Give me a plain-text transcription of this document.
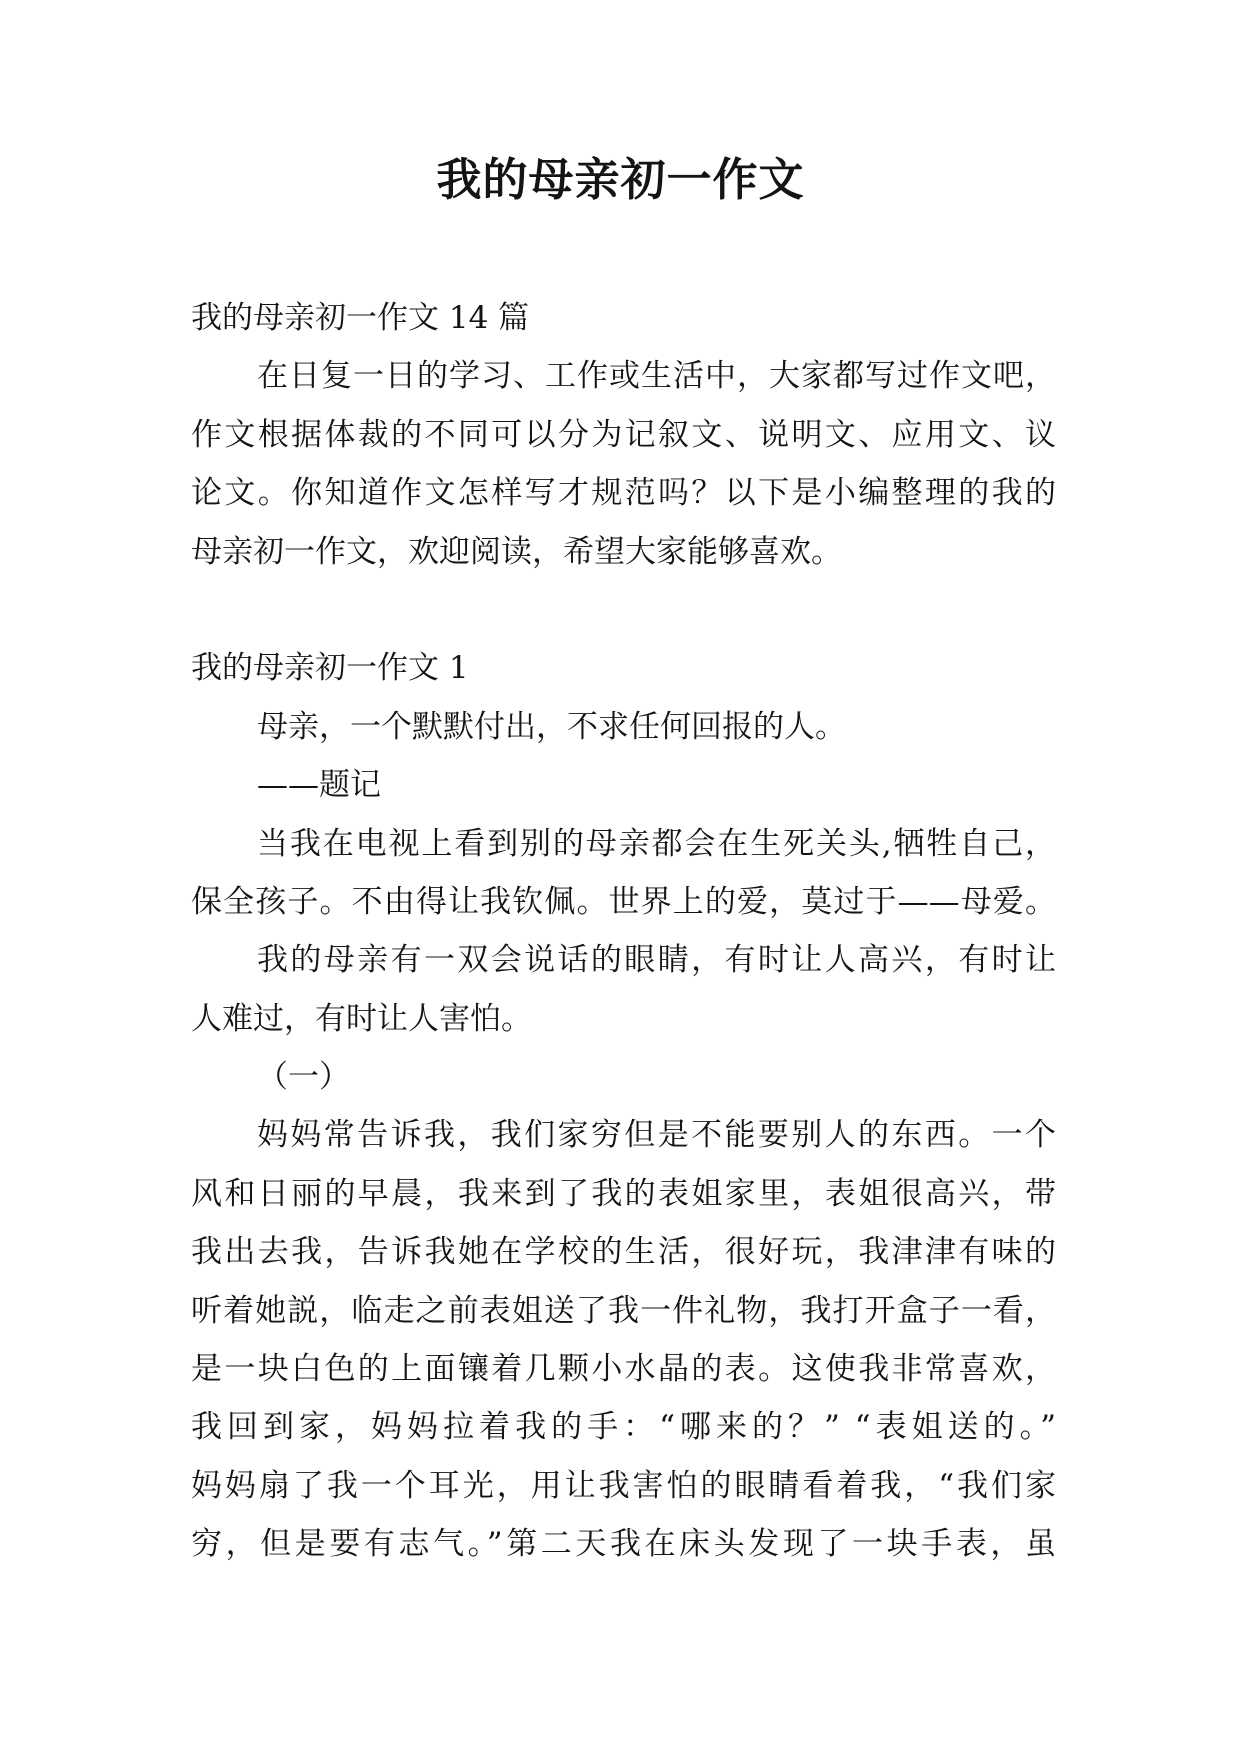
我的母亲初一作文
我的母亲初一作文 14 篇
在日复一日的学习、工作或生活中，大家都写过作文吧，
作文根据体裁的不同可以分为记叙文、说明文、应用文、议
论文。你知道作文怎样写才规范吗？以下是小编整理的我的
母亲初一作文，欢迎阅读，希望大家能够喜欢。
我的母亲初一作文 1
母亲，一个默默付出，不求任何回报的人。
——题记
当我在电视上看到别的母亲都会在生死关头,牺牲自己，
保全孩子。不由得让我钦佩。世界上的爱，莫过于——母爱。
我的母亲有一双会说话的眼睛，有时让人高兴，有时让
人难过，有时让人害怕。
（一）
妈妈常告诉我，我们家穷但是不能要别人的东西。一个
风和日丽的早晨，我来到了我的表姐家里，表姐很高兴，带
我出去我，告诉我她在学校的生活，很好玩，我津津有味的
听着她説，临走之前表姐送了我一件礼物，我打开盒子一看，
是一块白色的上面镶着几颗小水晶的表。这使我非常喜欢，
我回到家，妈妈拉着我的手：“哪来的？” “表姐送的。”
妈妈扇了我一个耳光，用让我害怕的眼睛看着我，“我们家
穷，但是要有志气。”第二天我在床头发现了一块手表，虽
